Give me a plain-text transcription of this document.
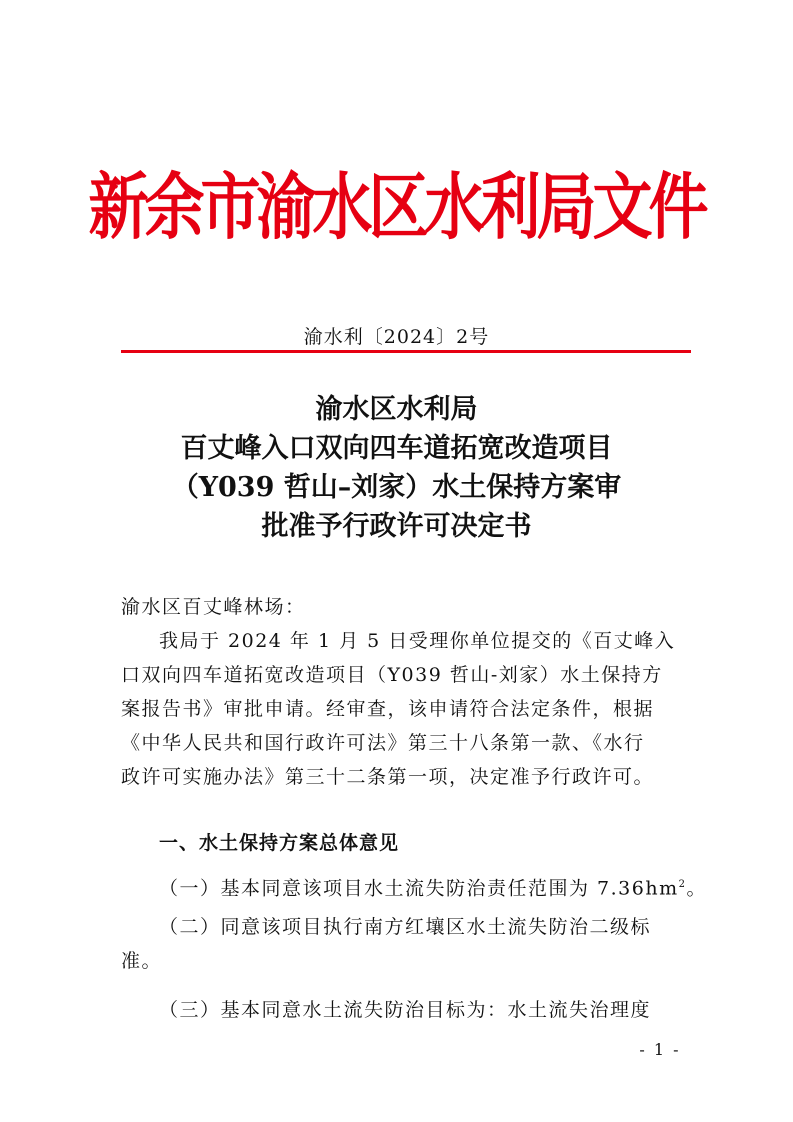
新余市渝水区水利局文件
渝水利〔2024〕2号
渝水区水利局
百丈峰入口双向四车道拓宽改造项目
（Y039 哲山–刘家）水土保持方案审
批准予行政许可决定书
渝水区百丈峰林场：
我局于 2024 年 1 月 5 日受理你单位提交的《百丈峰入
口双向四车道拓宽改造项目（Y039 哲山-刘家）水土保持方
案报告书》审批申请。经审查，该申请符合法定条件，根据
《中华人民共和国行政许可法》第三十八条第一款、《水行
政许可实施办法》第三十二条第一项，决定准予行政许可。
一、水土保持方案总体意见
（一）基本同意该项目水土流失防治责任范围为 $7.36hm^2$。
（二）同意该项目执行南方红壤区水土流失防治二级标
准。
（三）基本同意水土流失防治目标为：水土流失治理度
- 1 -
